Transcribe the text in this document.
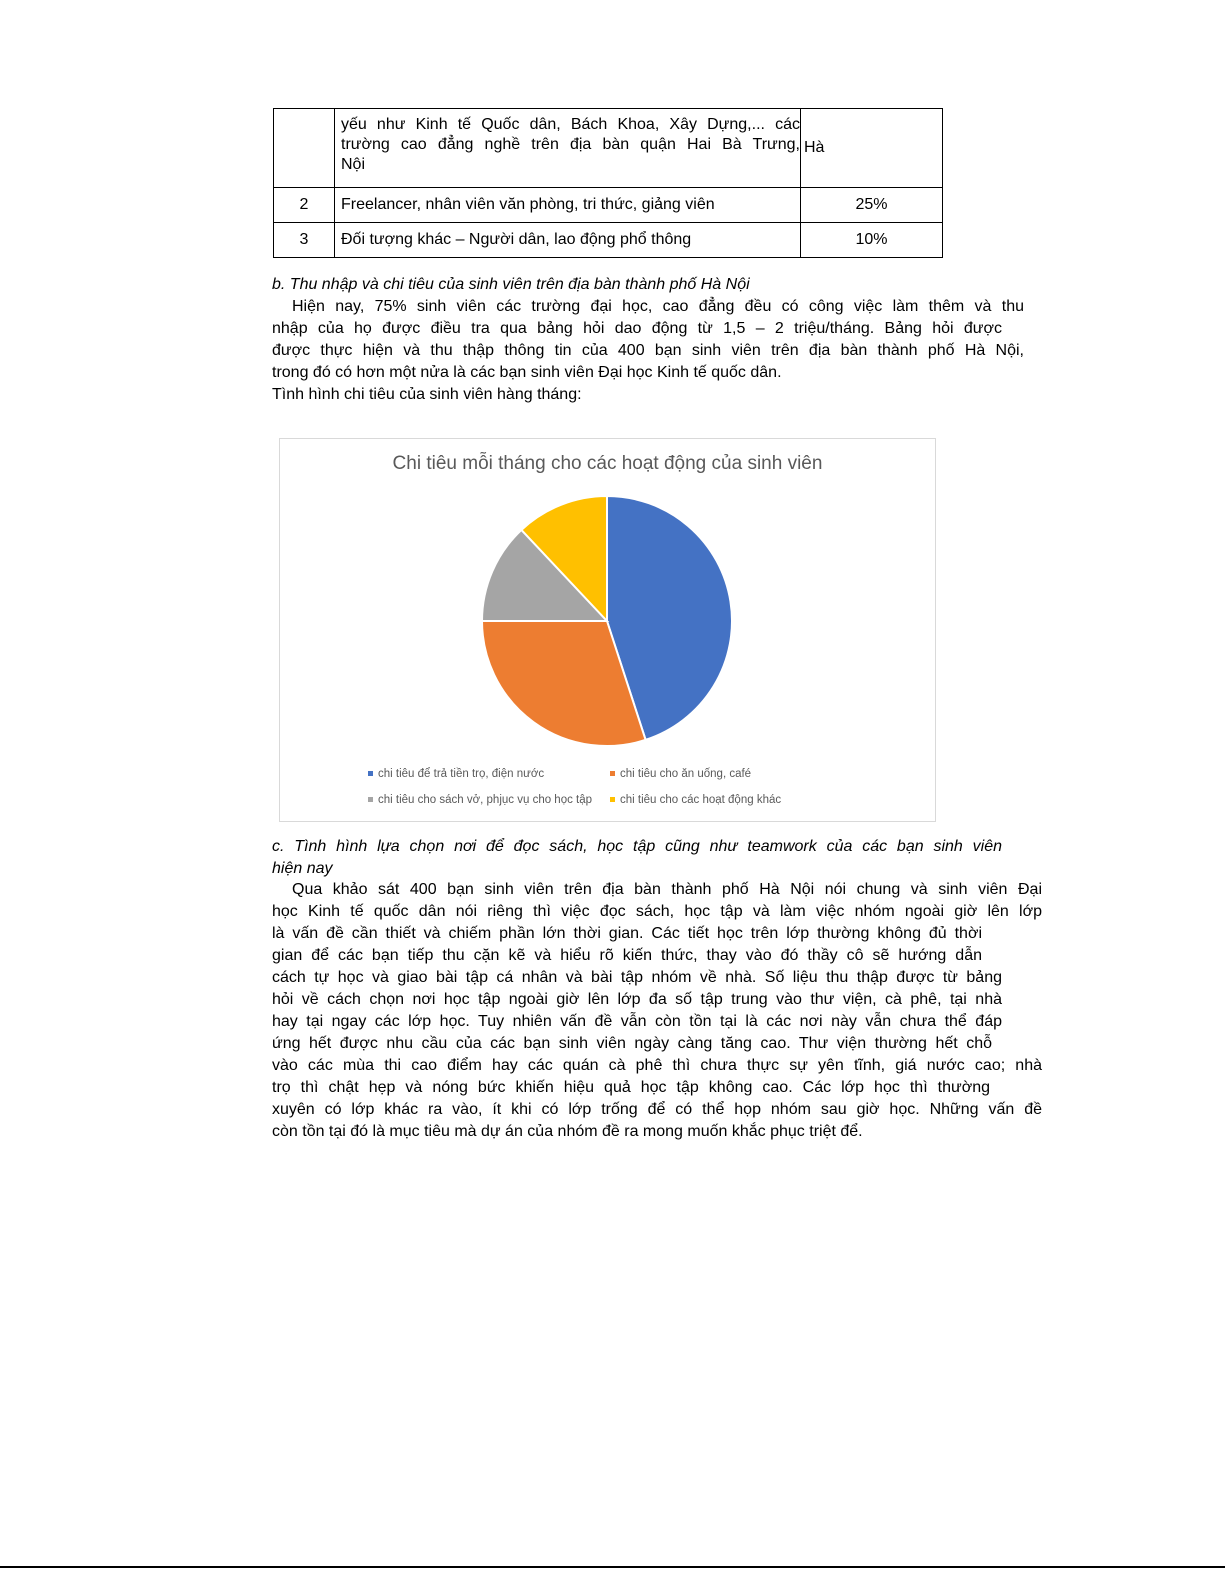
	yếu như Kinh tế Quốc dân, Bách Khoa, Xây Dựng,... các
trường cao đẳng nghề trên địa bàn quận Hai Bà Trưng,
Nội	Hà
2	Freelancer, nhân viên văn phòng, tri thức, giảng viên	25%
3	Đối tượng khác – Người dân, lao động phổ thông	10%
b. Thu nhập và chi tiêu của sinh viên trên địa bàn thành phố Hà Nội

Hiện nay, 75% sinh viên các trường đại học, cao đẳng đều có công việc làm thêm và thu

nhập của họ được điều tra qua bảng hỏi dao động từ 1,5 – 2 triệu/tháng. Bảng hỏi được

được thực hiện và thu thập thông tin của 400 bạn sinh viên trên địa bàn thành phố Hà Nội,

trong đó có hơn một nửa là các bạn sinh viên Đại học Kinh tế quốc dân.

Tình hình chi tiêu của sinh viên hàng tháng:

Chi tiêu mỗi tháng cho các hoạt động của sinh viên
chi tiêu để trả tiền trọ, điện nước	chi tiêu cho ăn uống, café
chi tiêu cho sách vở, phjục vụ cho học tập	chi tiêu cho các hoạt động khác
c. Tình hình lựa chọn nơi để đọc sách, học tập cũng như teamwork của các bạn sinh viên
hiện nay

Qua khảo sát 400 bạn sinh viên trên địa bàn thành phố Hà Nội nói chung và sinh viên Đại

học Kinh tế quốc dân nói riêng thì việc đọc sách, học tập và làm việc nhóm ngoài giờ lên lớp

là vấn đề cần thiết và chiếm phần lớn thời gian. Các tiết học trên lớp thường không đủ thời

gian để các bạn tiếp thu cặn kẽ và hiểu rõ kiến thức, thay vào đó thầy cô sẽ hướng dẫn

cách tự học và giao bài tập cá nhân và bài tập nhóm về nhà. Số liệu thu thập được từ bảng

hỏi về cách chọn nơi học tập ngoài giờ lên lớp đa số tập trung vào thư viện, cà phê, tại nhà

hay tại ngay các lớp học. Tuy nhiên vấn đề vẫn còn tồn tại là các nơi này vẫn chưa thể đáp

ứng hết được nhu cầu của các bạn sinh viên ngày càng tăng cao. Thư viện thường hết chỗ

vào các mùa thi cao điểm hay các quán cà phê thì chưa thực sự yên tĩnh, giá nước cao; nhà

trọ thì chật hẹp và nóng bức khiến hiệu quả học tập không cao. Các lớp học thì thường

xuyên có lớp khác ra vào, ít khi có lớp trống để có thể họp nhóm sau giờ học. Những vấn đề

còn tồn tại đó là mục tiêu mà dự án của nhóm đề ra mong muốn khắc phục triệt để.
